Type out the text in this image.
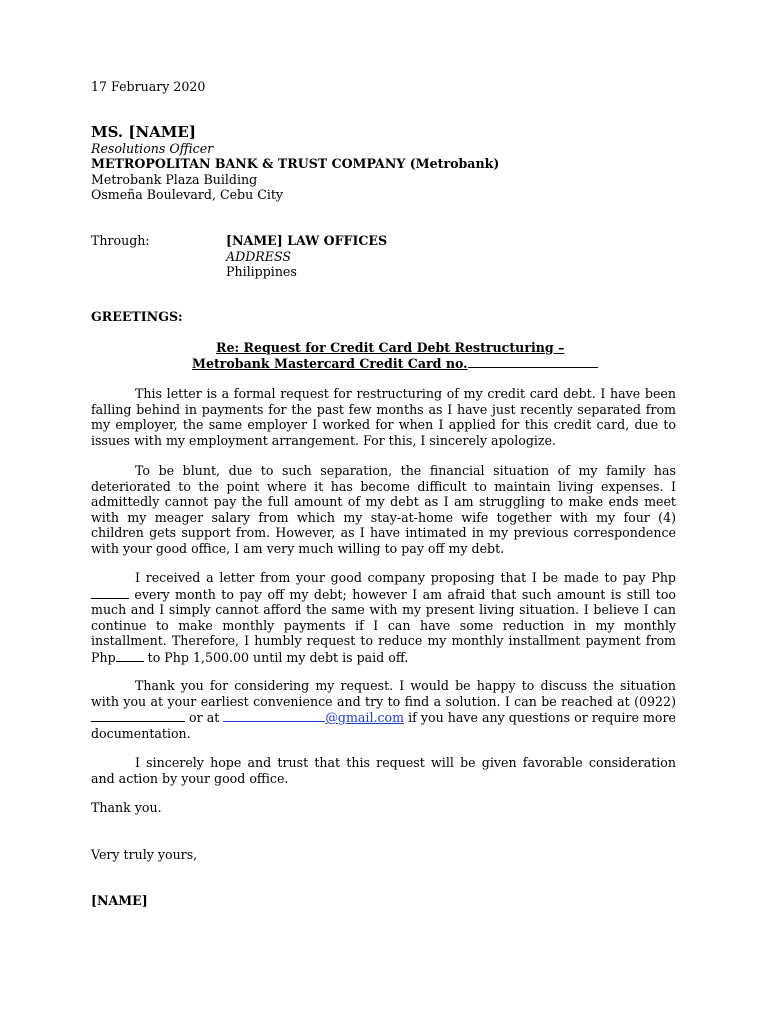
17 February 2020
MS. [NAME]
Resolutions Officer
METROPOLITAN BANK & TRUST COMPANY (Metrobank)
Metrobank Plaza Building
Osmeña Boulevard, Cebu City
Through:	[NAME] LAW OFFICES
ADDRESS
Philippines
GREETINGS:
Re: Request for Credit Card Debt Restructuring –
Metrobank Mastercard Credit Card no.
This letter is a formal request for restructuring of my credit card debt. I have been falling behind in payments for the past few months as I have just recently separated from my employer, the same employer I worked for when I applied for this credit card, due to issues with my employment arrangement. For this, I sincerely apologize.
To be blunt, due to such separation, the financial situation of my family has deteriorated to the point where it has become difficult to maintain living expenses. I admittedly cannot pay the full amount of my debt as I am struggling to make ends meet with my meager salary from which my stay-at-home wife together with my four (4) children gets support from. However, as I have intimated in my previous correspondence with your good office, I am very much willing to pay off my debt.
I received a letter from your good company proposing that I be made to pay Php every month to pay off my debt; however I am afraid that such amount is still too much and I simply cannot afford the same with my present living situation. I believe I can continue to make monthly payments if I can have some reduction in my monthly installment. Therefore, I humbly request to reduce my monthly installment payment from Php to Php 1,500.00 until my debt is paid off.
Thank you for considering my request. I would be happy to discuss the situation with you at your earliest convenience and try to find a solution. I can be reached at (0922)  or at	@gmail.com if you have any questions or require more documentation.
I sincerely hope and trust that this request will be given favorable consideration and action by your good office.
Thank you.
Very truly yours,
[NAME]
